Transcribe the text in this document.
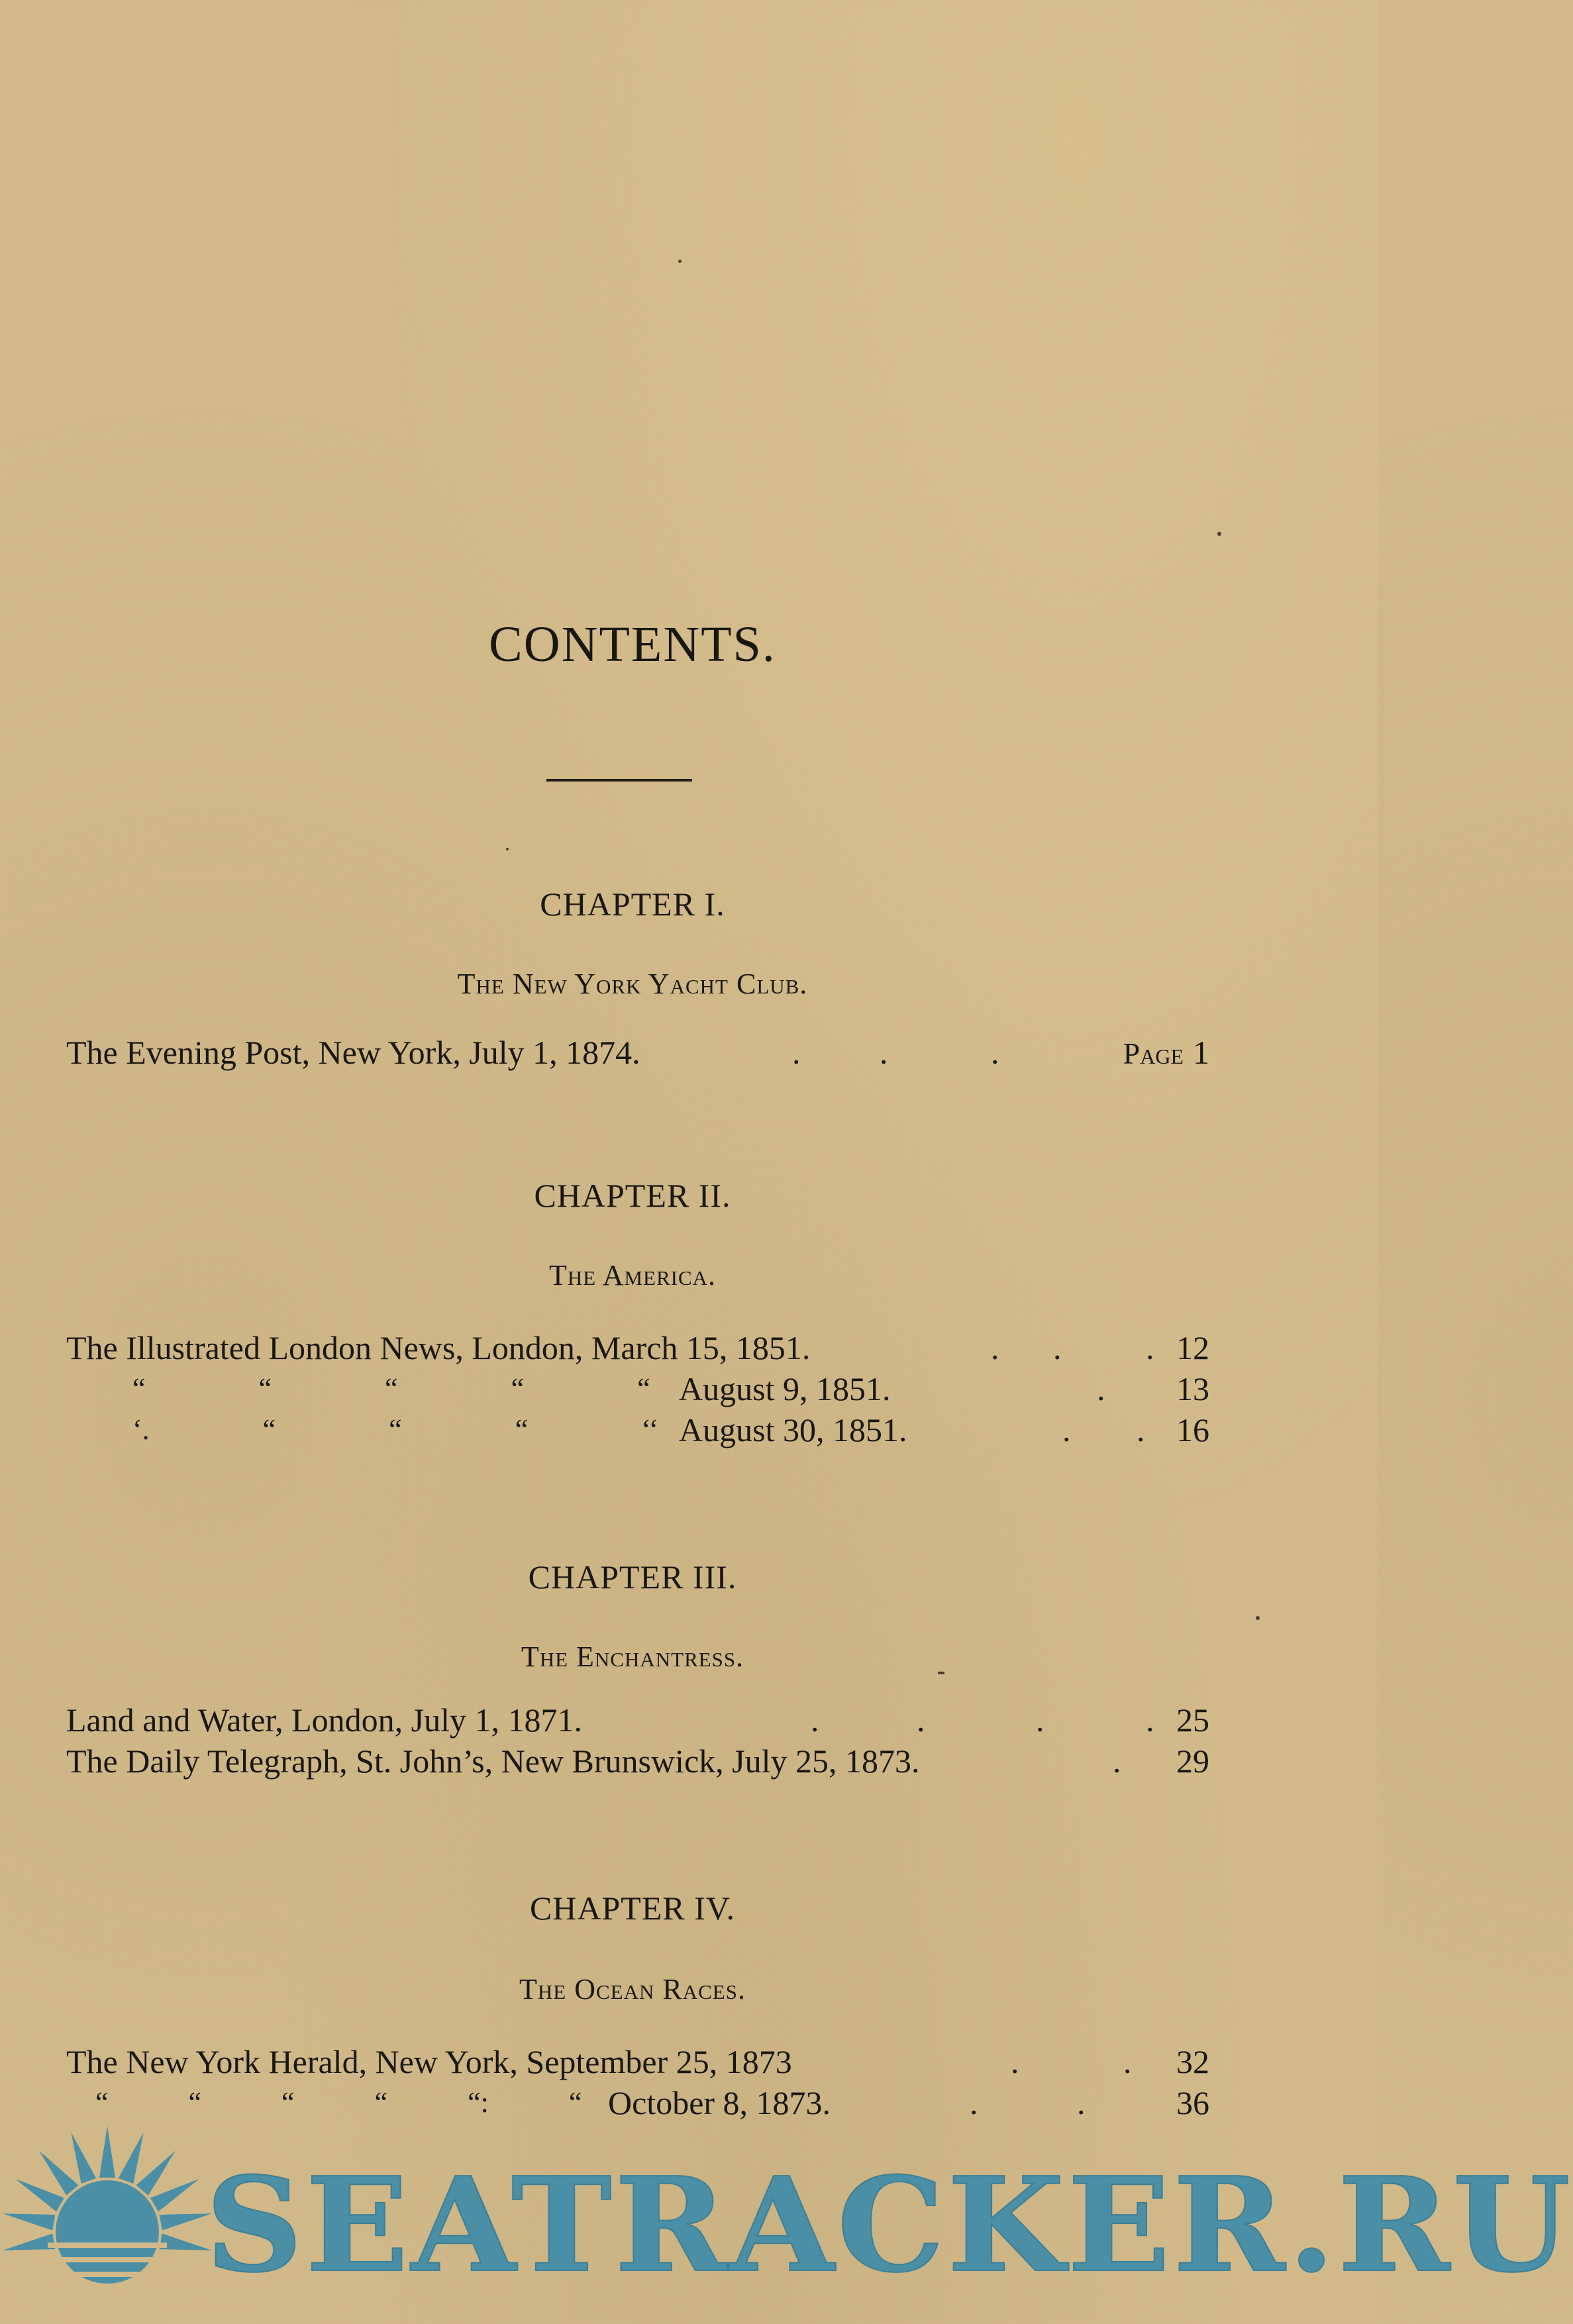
CONTENTS.
CHAPTER I.
The New York Yacht Club.
The Evening Post, New York, July 1, 1874.	. .	.	Page 1
CHAPTER II.
The America.
The Illustrated London News, London, March 15, 1851.	. .	. 12
“ “ “ “ “ August 9, 1851.	. 13
‘. “ “ “ ‘‘ August 30, 1851.	. . 16
CHAPTER III.
The Enchantress.
Land and Water, London, July 1, 1871.	.	.	.	. 25
The Daily Telegraph, St. John’s, New Brunswick, July 25, 1873.	. 29
CHAPTER IV.
The Ocean Races.
The New York Herald, New York, September 25, 1873	.	. 32
“ “ “ “ “: “ October 8, 1873.	.	.	36
SEATRACKER.RU
